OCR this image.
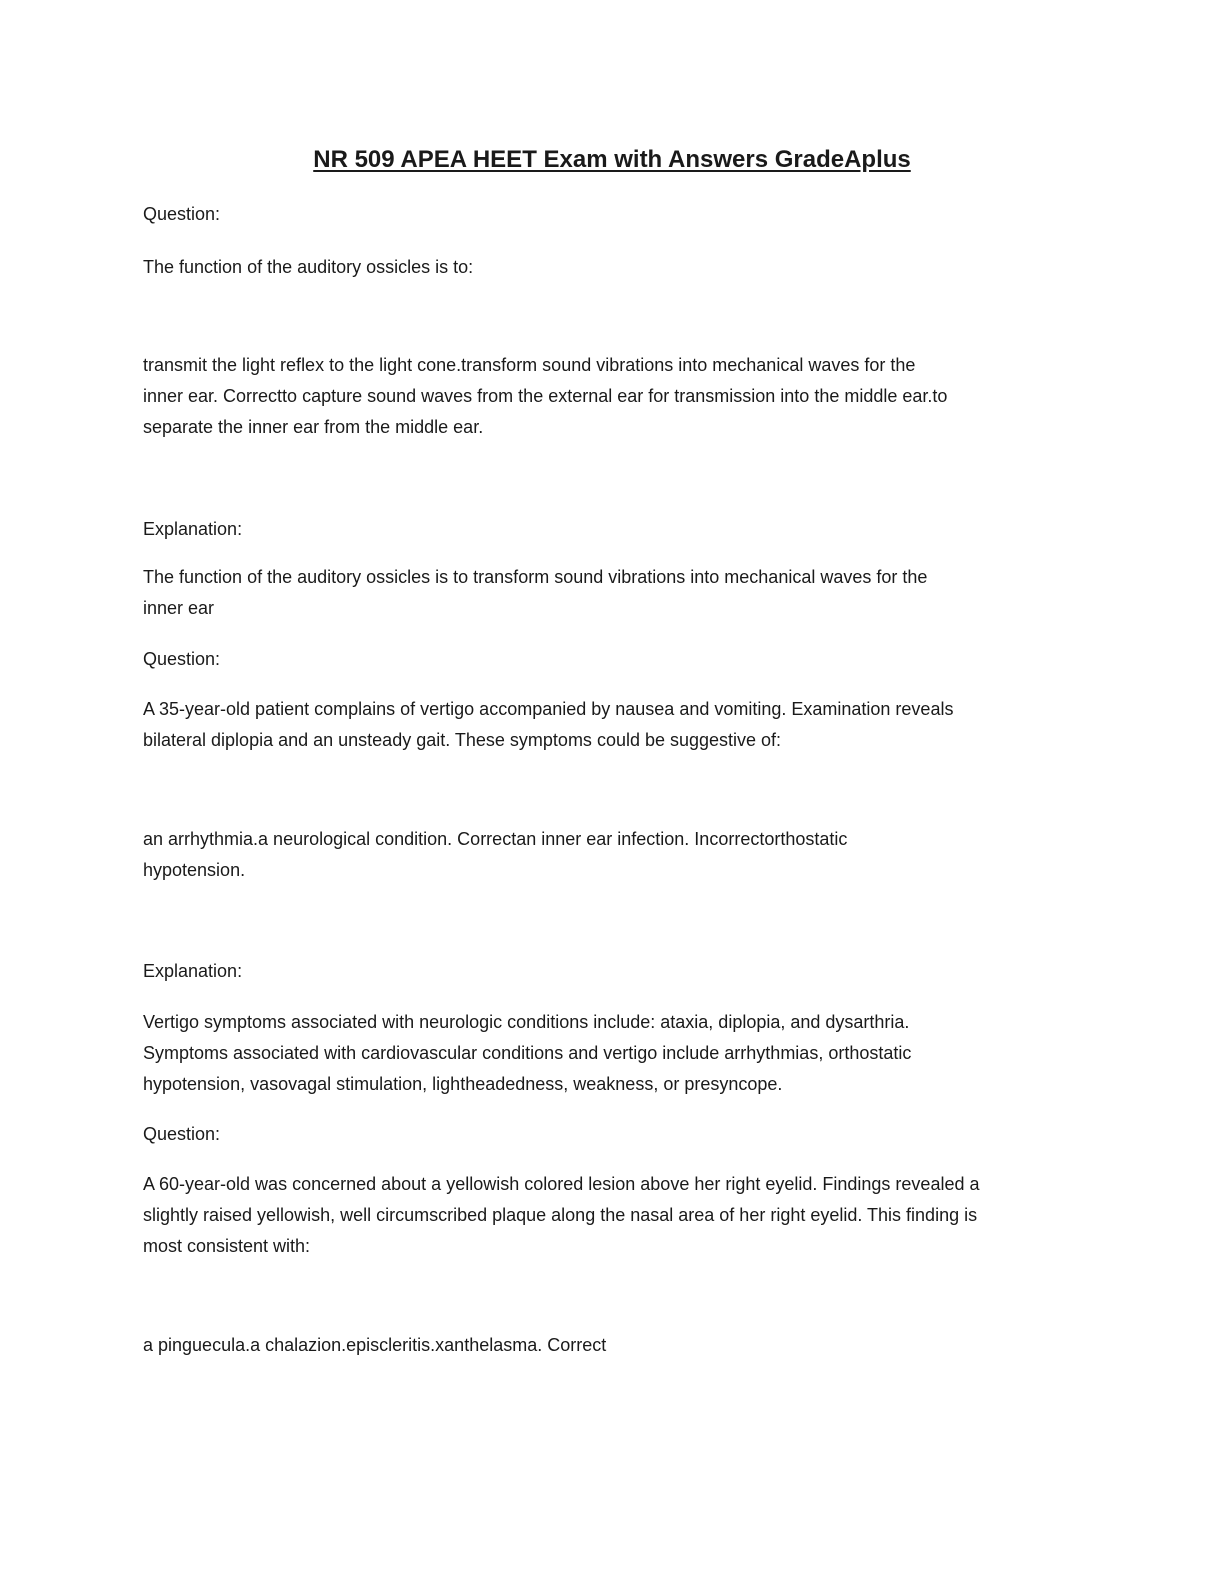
NR 509 APEA HEET Exam with Answers GradeAplus

Question:

The function of the auditory ossicles is to:

transmit the light reflex to the light cone.transform sound vibrations into mechanical waves for the
inner ear. Correctto capture sound waves from the external ear for transmission into the middle ear.to
separate the inner ear from the middle ear.

Explanation:

The function of the auditory ossicles is to transform sound vibrations into mechanical waves for the
inner ear

Question:

A 35-year-old patient complains of vertigo accompanied by nausea and vomiting. Examination reveals
bilateral diplopia and an unsteady gait. These symptoms could be suggestive of:
an arrhythmia.a neurological condition. Correctan inner ear infection. Incorrectorthostatic
hypotension.

Explanation:

Vertigo symptoms associated with neurologic conditions include: ataxia, diplopia, and dysarthria.
Symptoms associated with cardiovascular conditions and vertigo include arrhythmias, orthostatic
hypotension, vasovagal stimulation, lightheadedness, weakness, or presyncope.

Question:

A 60-year-old was concerned about a yellowish colored lesion above her right eyelid. Findings revealed a
slightly raised yellowish, well circumscribed plaque along the nasal area of her right eyelid. This finding is
most consistent with:
a pinguecula.a chalazion.episcleritis.xanthelasma. Correct
